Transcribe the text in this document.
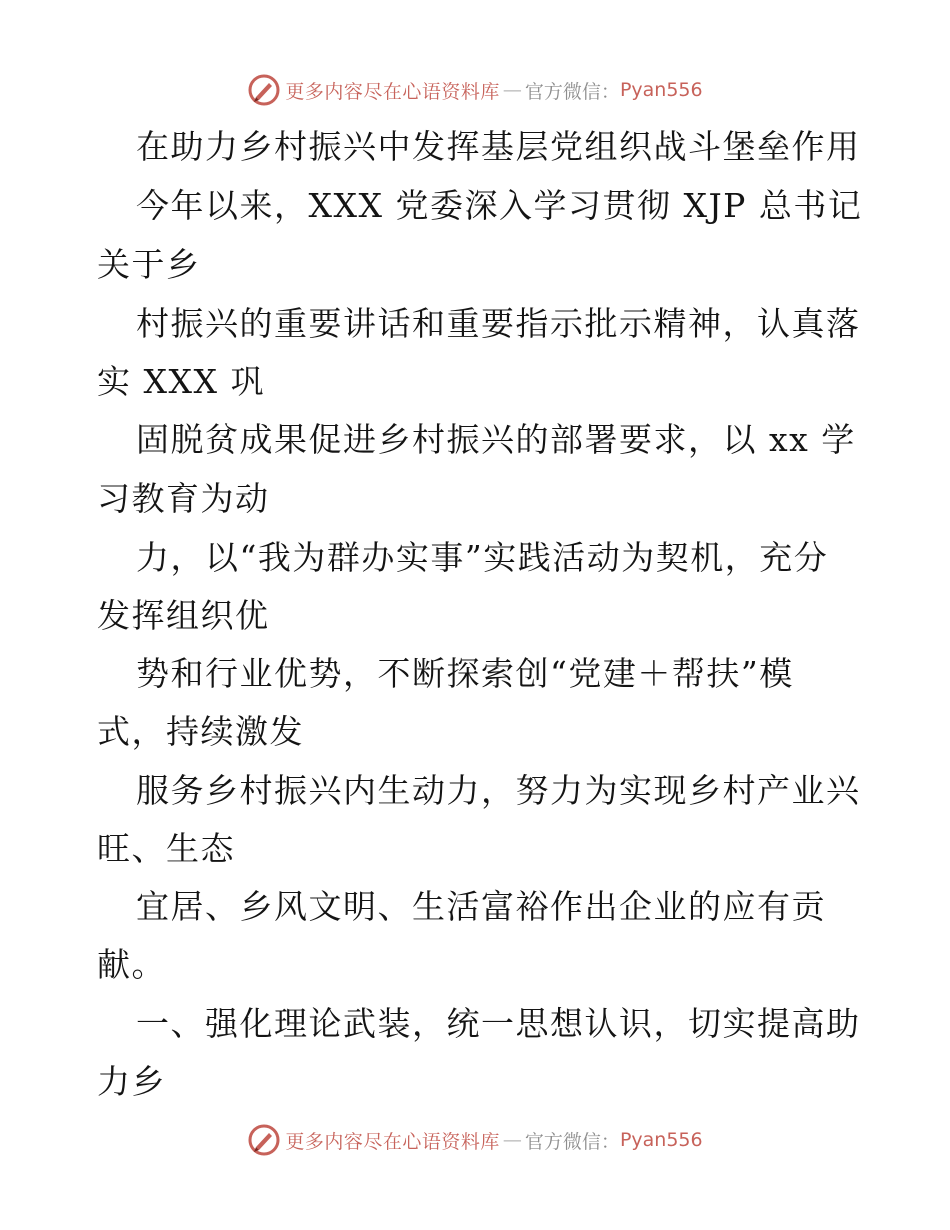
更多内容尽在心语资料库 — 官方微信： Pyan556

在助力乡村振兴中发挥基层党组织战斗堡垒作用

今年以来，XXX 党委深入学习贯彻 XJP 总书记

关于乡

村振兴的重要讲话和重要指示批示精神，认真落

实 XXX 巩

固脱贫成果促进乡村振兴的部署要求，以 xx 学

习教育为动

力，以“我为群办实事”实践活动为契机，充分

发挥组织优

势和行业优势，不断探索创“党建＋帮扶”模

式，持续激发

服务乡村振兴内生动力，努力为实现乡村产业兴

旺、生态

宜居、乡风文明、生活富裕作出企业的应有贡

献。

一、强化理论武装，统一思想认识，切实提高助

力乡

更多内容尽在心语资料库 — 官方微信： Pyan556
